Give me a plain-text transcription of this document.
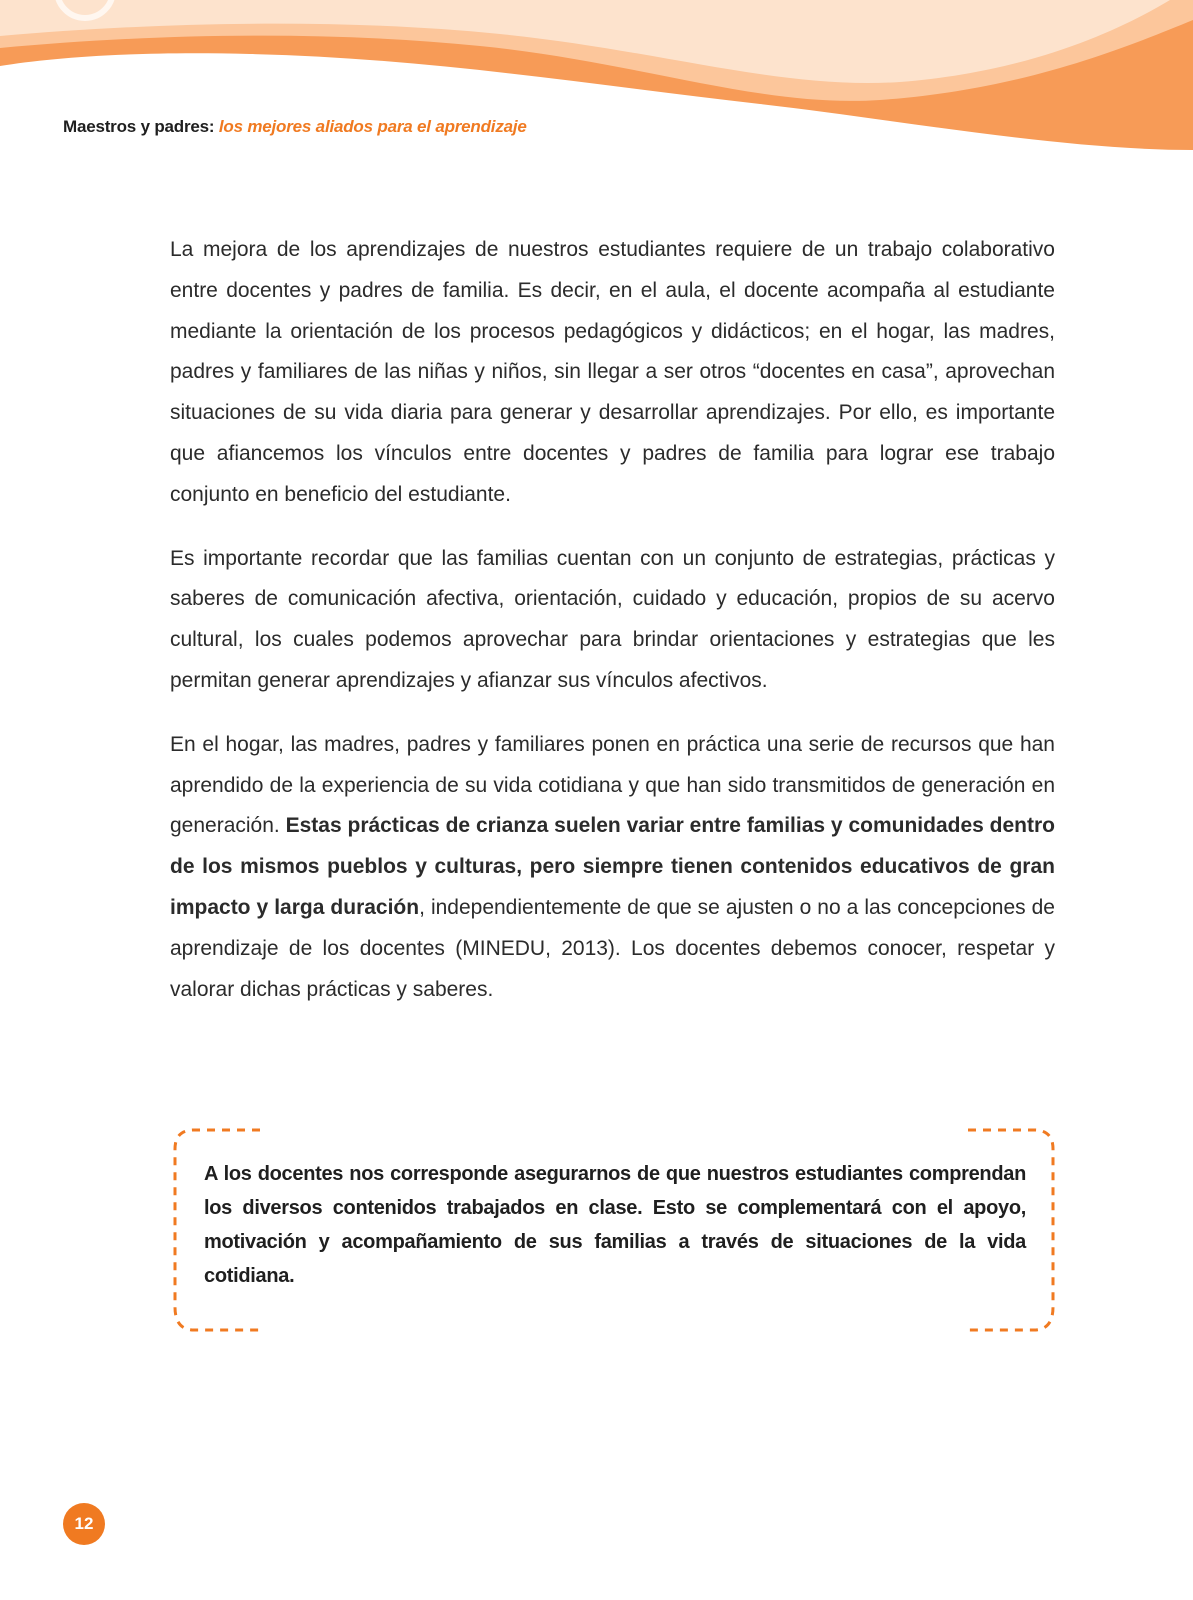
Maestros y padres: los mejores aliados para el aprendizaje

La mejora de los aprendizajes de nuestros estudiantes requiere de un trabajo colaborativo entre docentes y padres de familia. Es decir, en el aula, el docente acompaña al estudiante mediante la orientación de los procesos pedagógicos y didácticos; en el hogar, las madres, padres y familiares de las niñas y niños, sin llegar a ser otros “docentes en casa”, aprovechan situaciones de su vida diaria para generar y desarrollar aprendizajes. Por ello, es importante que afiancemos los vínculos entre docentes y padres de familia para lograr ese trabajo conjunto en beneficio del estudiante.

Es importante recordar que las familias cuentan con un conjunto de estrategias, prácticas y saberes de comunicación afectiva, orientación, cuidado y educación, propios de su acervo cultural, los cuales podemos aprovechar para brindar orientaciones y estrategias que les permitan generar aprendizajes y afianzar sus vínculos afectivos.

En el hogar, las madres, padres y familiares ponen en práctica una serie de recursos que han aprendido de la experiencia de su vida cotidiana y que han sido transmitidos de generación en generación. Estas prácticas de crianza suelen variar entre familias y comunidades dentro de los mismos pueblos y culturas, pero siempre tienen contenidos educativos de gran impacto y larga duración, independientemente de que se ajusten o no a las concepciones de aprendizaje de los docentes (MINEDU, 2013). Los docentes debemos conocer, respetar y valorar dichas prácticas y saberes.

A los docentes nos corresponde asegurarnos de que nuestros estudiantes comprendan los diversos contenidos trabajados en clase. Esto se complementará con el apoyo, motivación y acompañamiento de sus familias a través de situaciones de la vida cotidiana.

12
